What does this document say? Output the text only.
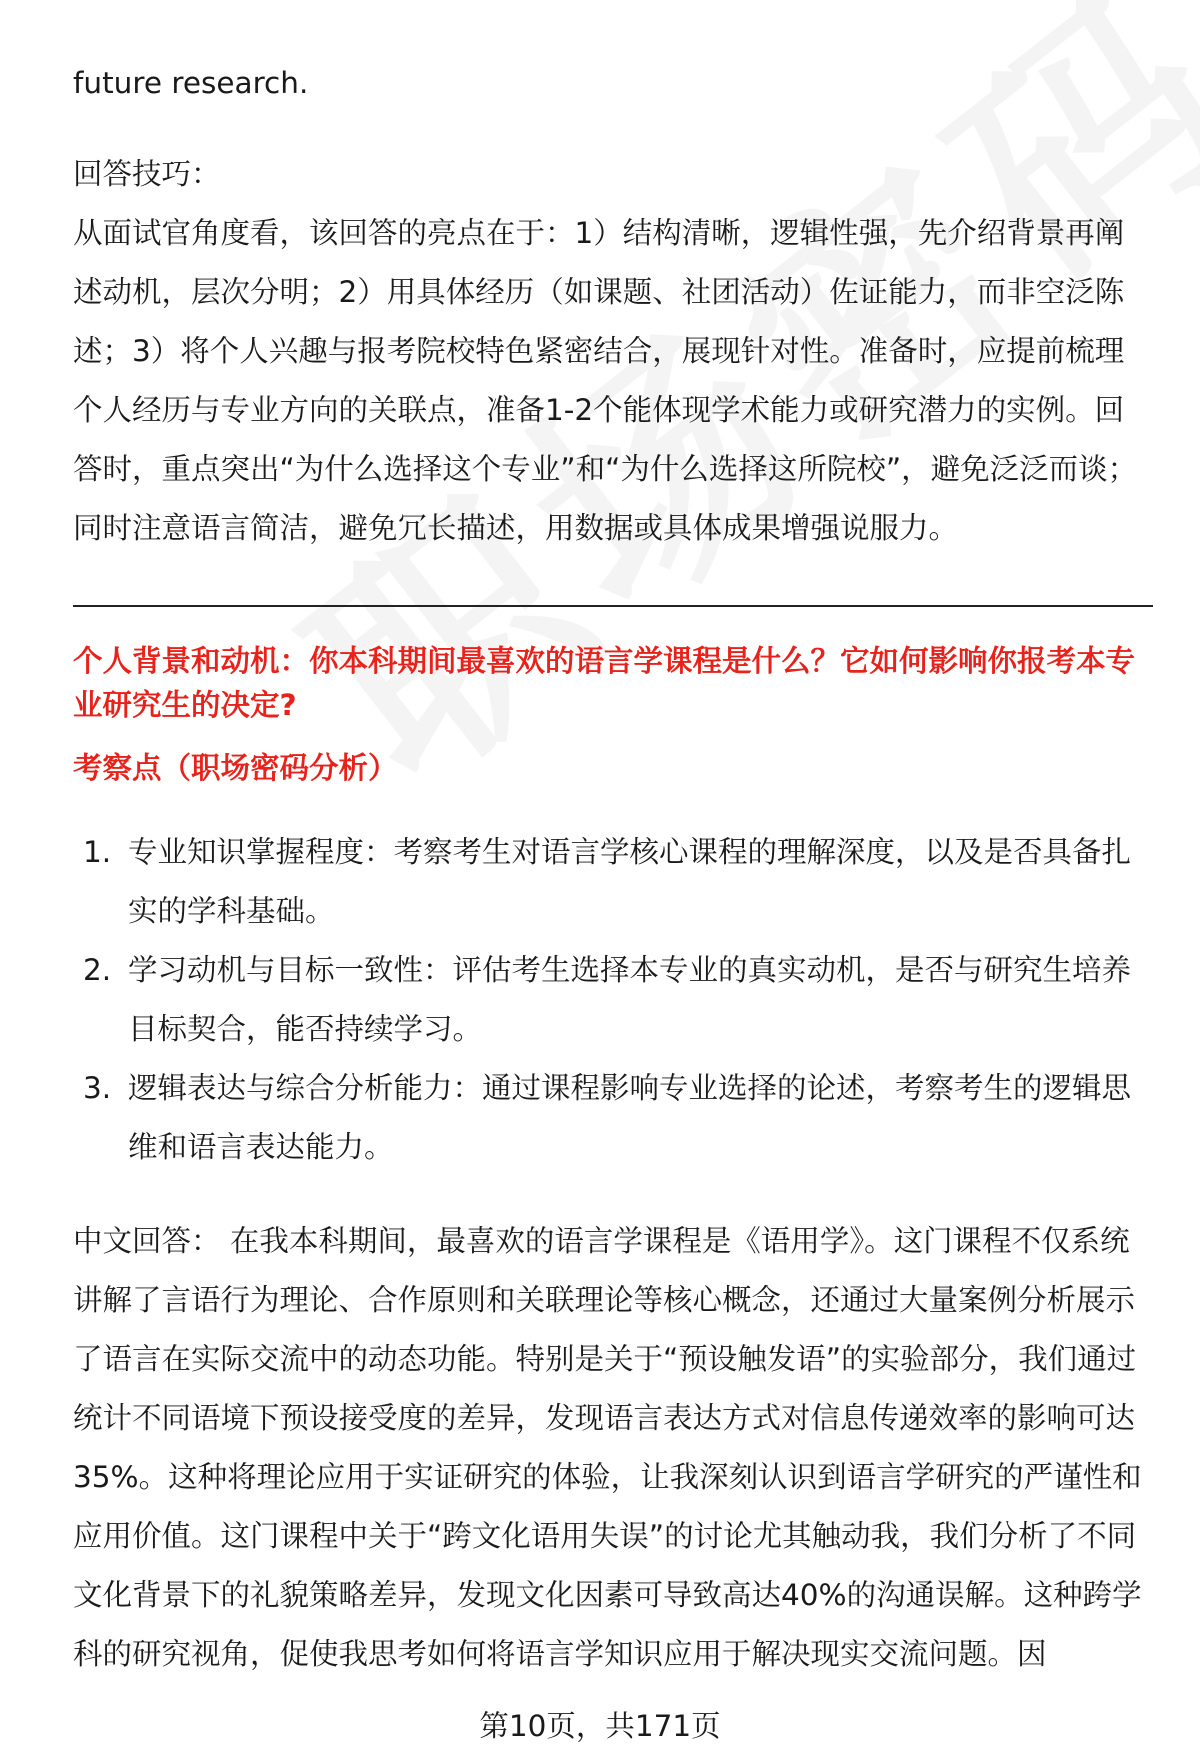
future research.
回答技巧：
从面试官角度看，该回答的亮点在于：1）结构清晰，逻辑性强，先介绍背景再阐述动机，层次分明；2）用具体经历（如课题、社团活动）佐证能力，而非空泛陈述；3）将个人兴趣与报考院校特色紧密结合，展现针对性。准备时，应提前梳理个人经历与专业方向的关联点，准备1-2个能体现学术能力或研究潜力的实例。回答时，重点突出“为什么选择这个专业”和“为什么选择这所院校”，避免泛泛而谈；同时注意语言简洁，避免冗长描述，用数据或具体成果增强说服力。
个人背景和动机：你本科期间最喜欢的语言学课程是什么？它如何影响你报考本专业研究生的决定?
考察点（职场密码分析）
1. 专业知识掌握程度：考察考生对语言学核心课程的理解深度，以及是否具备扎实的学科基础。
2. 学习动机与目标一致性：评估考生选择本专业的真实动机，是否与研究生培养目标契合，能否持续学习。
3. 逻辑表达与综合分析能力：通过课程影响专业选择的论述，考察考生的逻辑思维和语言表达能力。
中文回答： 在我本科期间，最喜欢的语言学课程是《语用学》。这门课程不仅系统讲解了言语行为理论、合作原则和关联理论等核心概念，还通过大量案例分析展示了语言在实际交流中的动态功能。特别是关于“预设触发语”的实验部分，我们通过统计不同语境下预设接受度的差异，发现语言表达方式对信息传递效率的影响可达35%。这种将理论应用于实证研究的体验，让我深刻认识到语言学研究的严谨性和应用价值。这门课程中关于“跨文化语用失误”的讨论尤其触动我，我们分析了不同文化背景下的礼貌策略差异，发现文化因素可导致高达40%的沟通误解。这种跨学科的研究视角，促使我思考如何将语言学知识应用于解决现实交流问题。因
第10页，共171页
